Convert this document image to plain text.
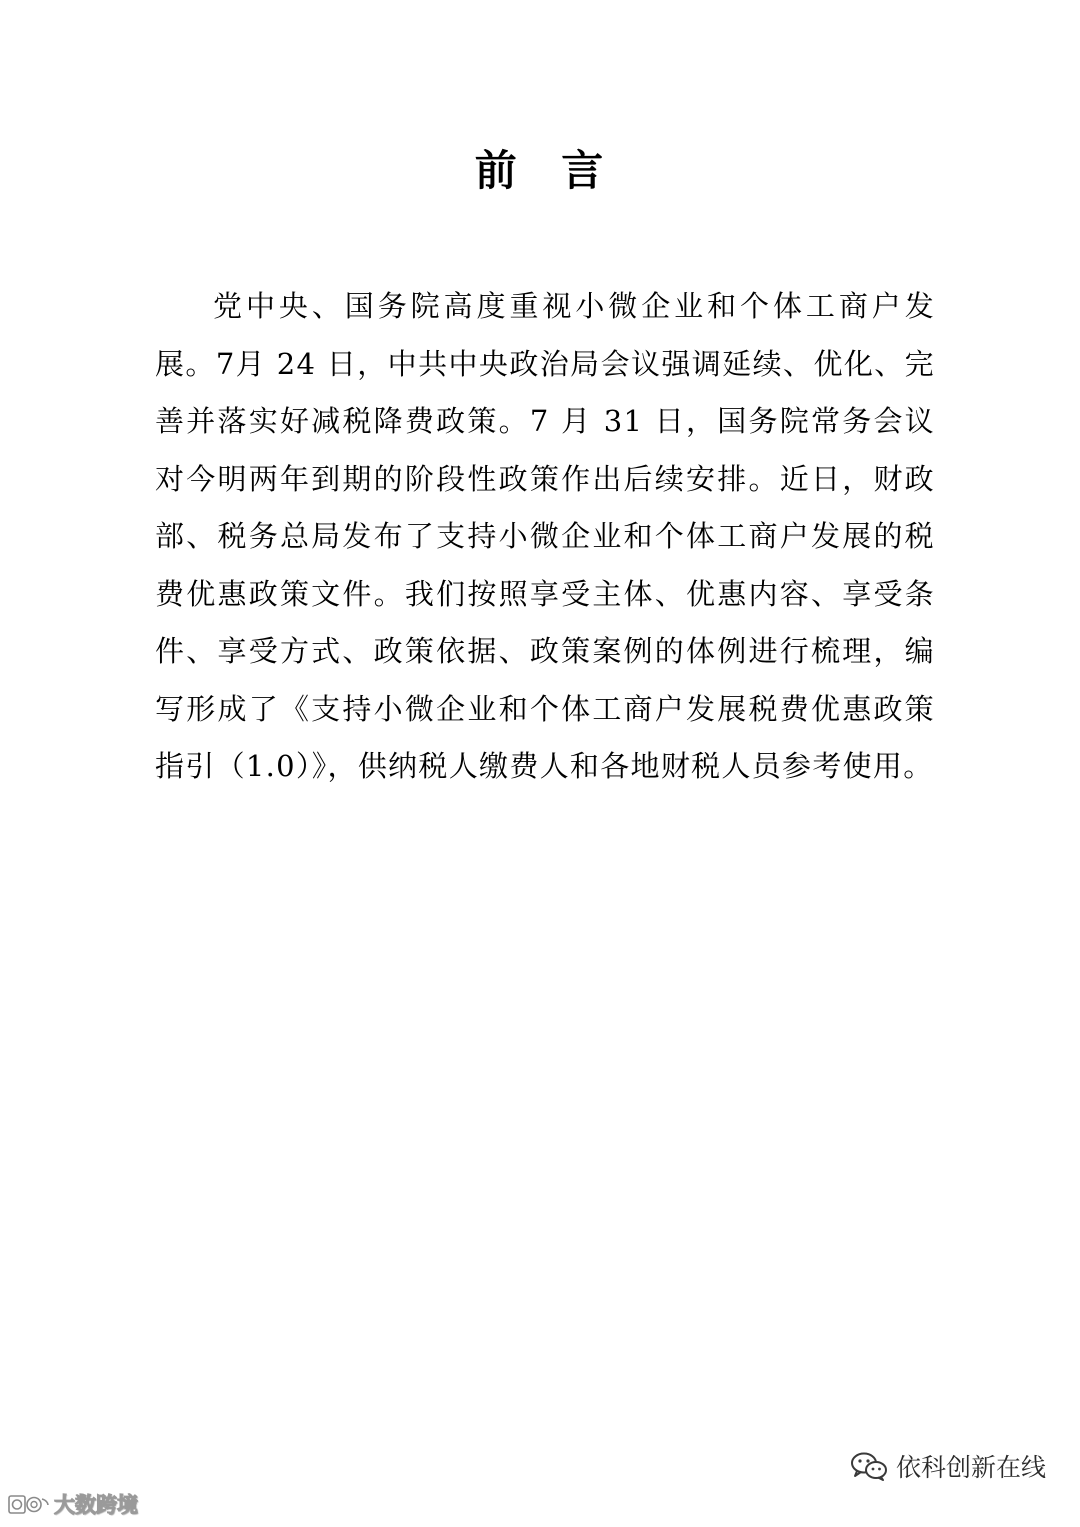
前 言

党中央、国务院高度重视小微企业和个体工商户发展。7月 24 日，中共中央政治局会议强调延续、优化、完善并落实好减税降费政策。7 月 31 日，国务院常务会议对今明两年到期的阶段性政策作出后续安排。近日，财政部、税务总局发布了支持小微企业和个体工商户发展的税费优惠政策文件。我们按照享受主体、优惠内容、享受条件、享受方式、政策依据、政策案例的体例进行梳理，编写形成了《支持小微企业和个体工商户发展税费优惠政策指引（1.0）》，供纳税人缴费人和各地财税人员参考使用。

依科创新在线
大数跨境
